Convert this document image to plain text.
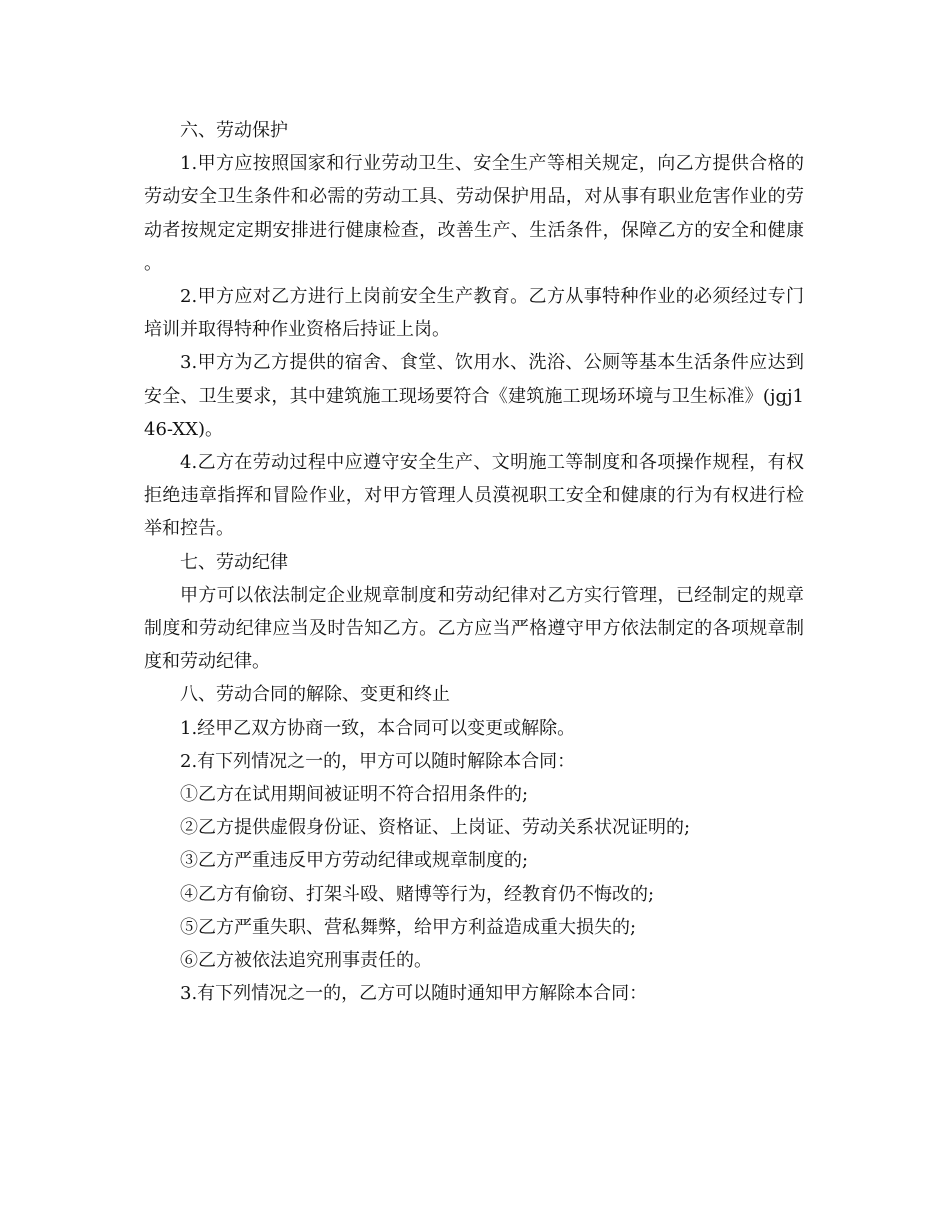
六、劳动保护

1.甲方应按照国家和行业劳动卫生、安全生产等相关规定，向乙方提供合格的劳动安全卫生条件和必需的劳动工具、劳动保护用品，对从事有职业危害作业的劳动者按规定定期安排进行健康检查，改善生产、生活条件，保障乙方的安全和健康。

2.甲方应对乙方进行上岗前安全生产教育。乙方从事特种作业的必须经过专门培训并取得特种作业资格后持证上岗。

3.甲方为乙方提供的宿舍、食堂、饮用水、洗浴、公厕等基本生活条件应达到安全、卫生要求，其中建筑施工现场要符合《建筑施工现场环境与卫生标准》(jgj146-XX)。

4.乙方在劳动过程中应遵守安全生产、文明施工等制度和各项操作规程，有权拒绝违章指挥和冒险作业，对甲方管理人员漠视职工安全和健康的行为有权进行检举和控告。

七、劳动纪律

甲方可以依法制定企业规章制度和劳动纪律对乙方实行管理，已经制定的规章制度和劳动纪律应当及时告知乙方。乙方应当严格遵守甲方依法制定的各项规章制度和劳动纪律。

八、劳动合同的解除、变更和终止

1.经甲乙双方协商一致，本合同可以变更或解除。

2.有下列情况之一的，甲方可以随时解除本合同：

①乙方在试用期间被证明不符合招用条件的;

②乙方提供虚假身份证、资格证、上岗证、劳动关系状况证明的;

③乙方严重违反甲方劳动纪律或规章制度的;

④乙方有偷窃、打架斗殴、赌博等行为，经教育仍不悔改的;

⑤乙方严重失职、营私舞弊，给甲方利益造成重大损失的;

⑥乙方被依法追究刑事责任的。

3.有下列情况之一的，乙方可以随时通知甲方解除本合同：
